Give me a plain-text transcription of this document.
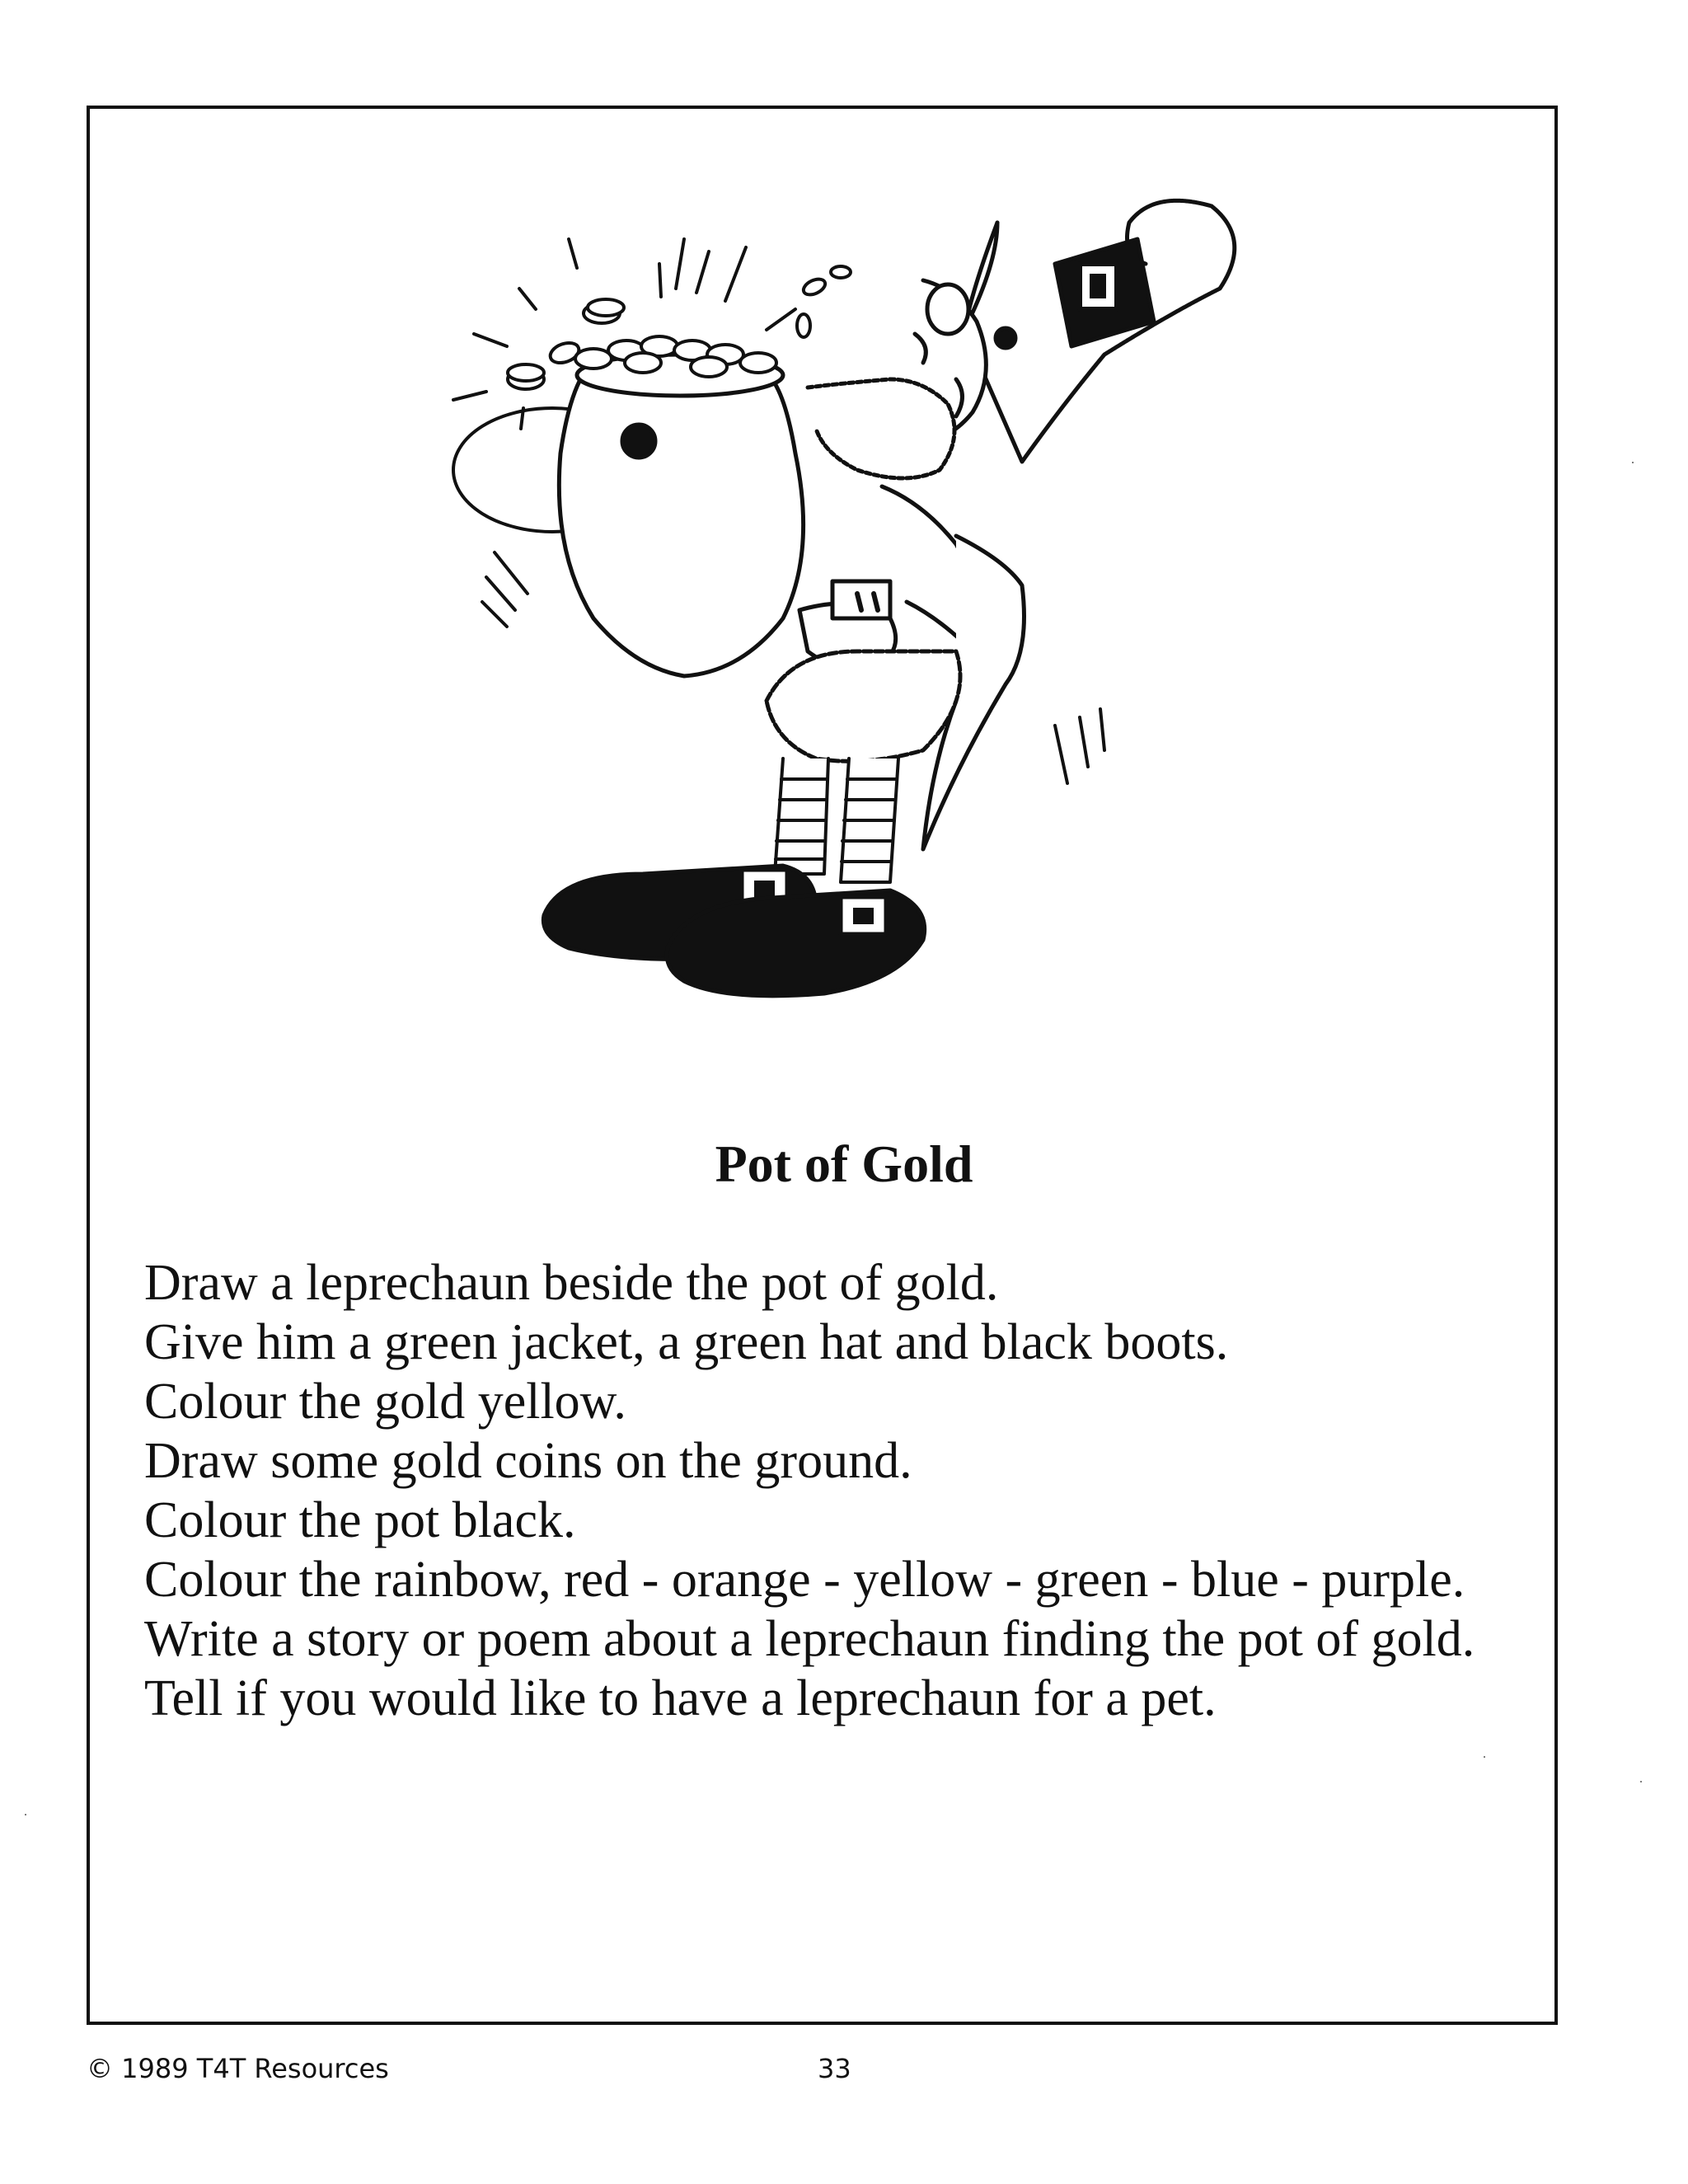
Pot of Gold

Draw a leprechaun beside the pot of gold.

Give him a green jacket, a green hat and black boots.

Colour the gold yellow.

Draw some gold coins on the ground.

Colour the pot black.

Colour the rainbow, red - orange - yellow - green - blue - purple.

Write a story or poem about a leprechaun finding the pot of gold.

Tell if you would like to have a leprechaun for a pet.

© 1989 T4T Resources	33
